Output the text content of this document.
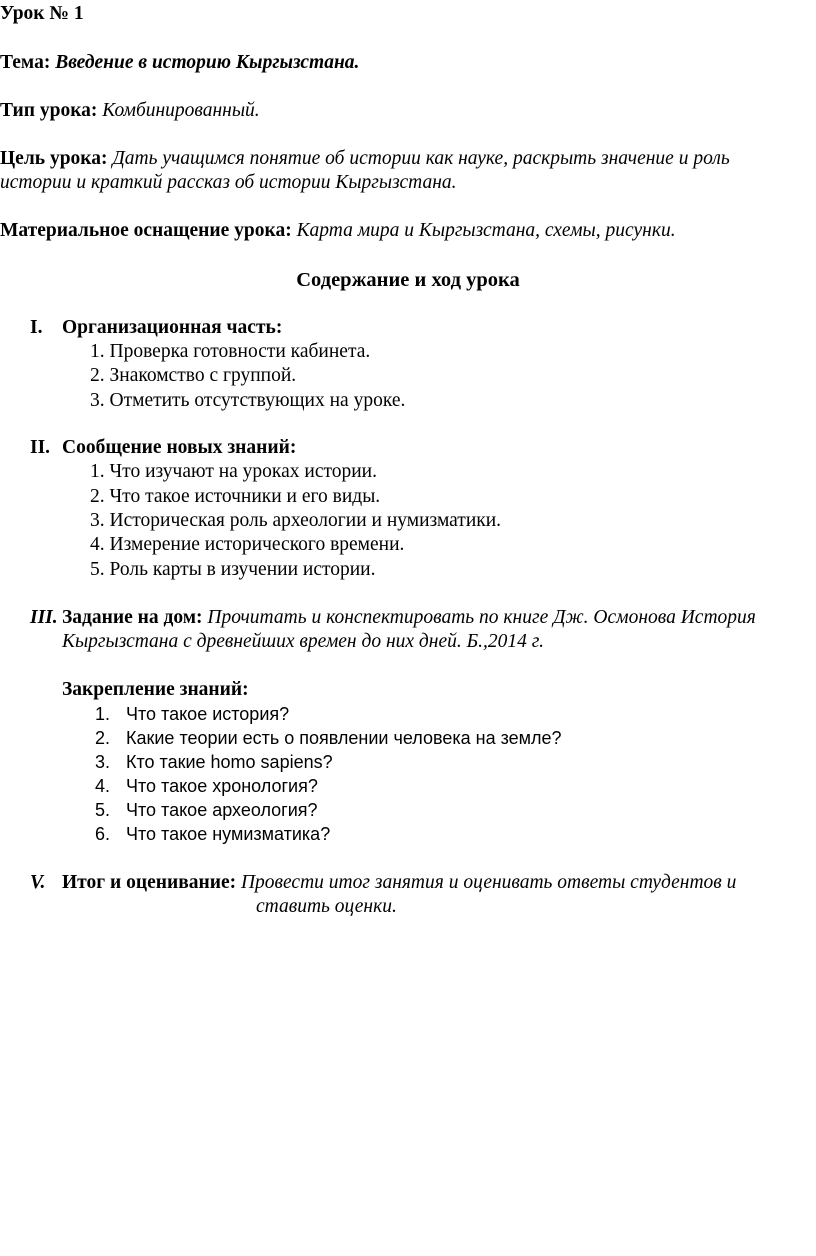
Урок № 1
Тема: Введение в историю Кыргызстана.
Тип урока: Комбинированный.
Цель урока: Дать учащимся понятие об истории как науке, раскрыть значение и роль
истории и краткий рассказ об истории Кыргызстана.
Материальное оснащение урока: Карта мира и Кыргызстана, схемы, рисунки.
Содержание и ход урока
I. Организационная часть:
1. Проверка готовности кабинета.
2. Знакомство с группой.
3. Отметить отсутствующих на уроке.
II. Сообщение новых знаний:
1. Что изучают на уроках истории.
2. Что такое источники и его виды.
3. Историческая роль археологии и нумизматики.
4. Измерение исторического времени.
5. Роль карты в изучении истории.
III. Задание на дом: Прочитать и конспектировать по книге Дж. Осмонова История
Кыргызстана с древнейших времен до них дней. Б.,2014 г.
Закрепление знаний:
1. Что такое история?
2. Какие теории есть о появлении человека на земле?
3. Кто такие homo sapiens?
4. Что такое хронология?
5. Что такое археология?
6. Что такое нумизматика?
V. Итог и оценивание: Провести итог занятия и оценивать ответы студентов и
ставить оценки.
